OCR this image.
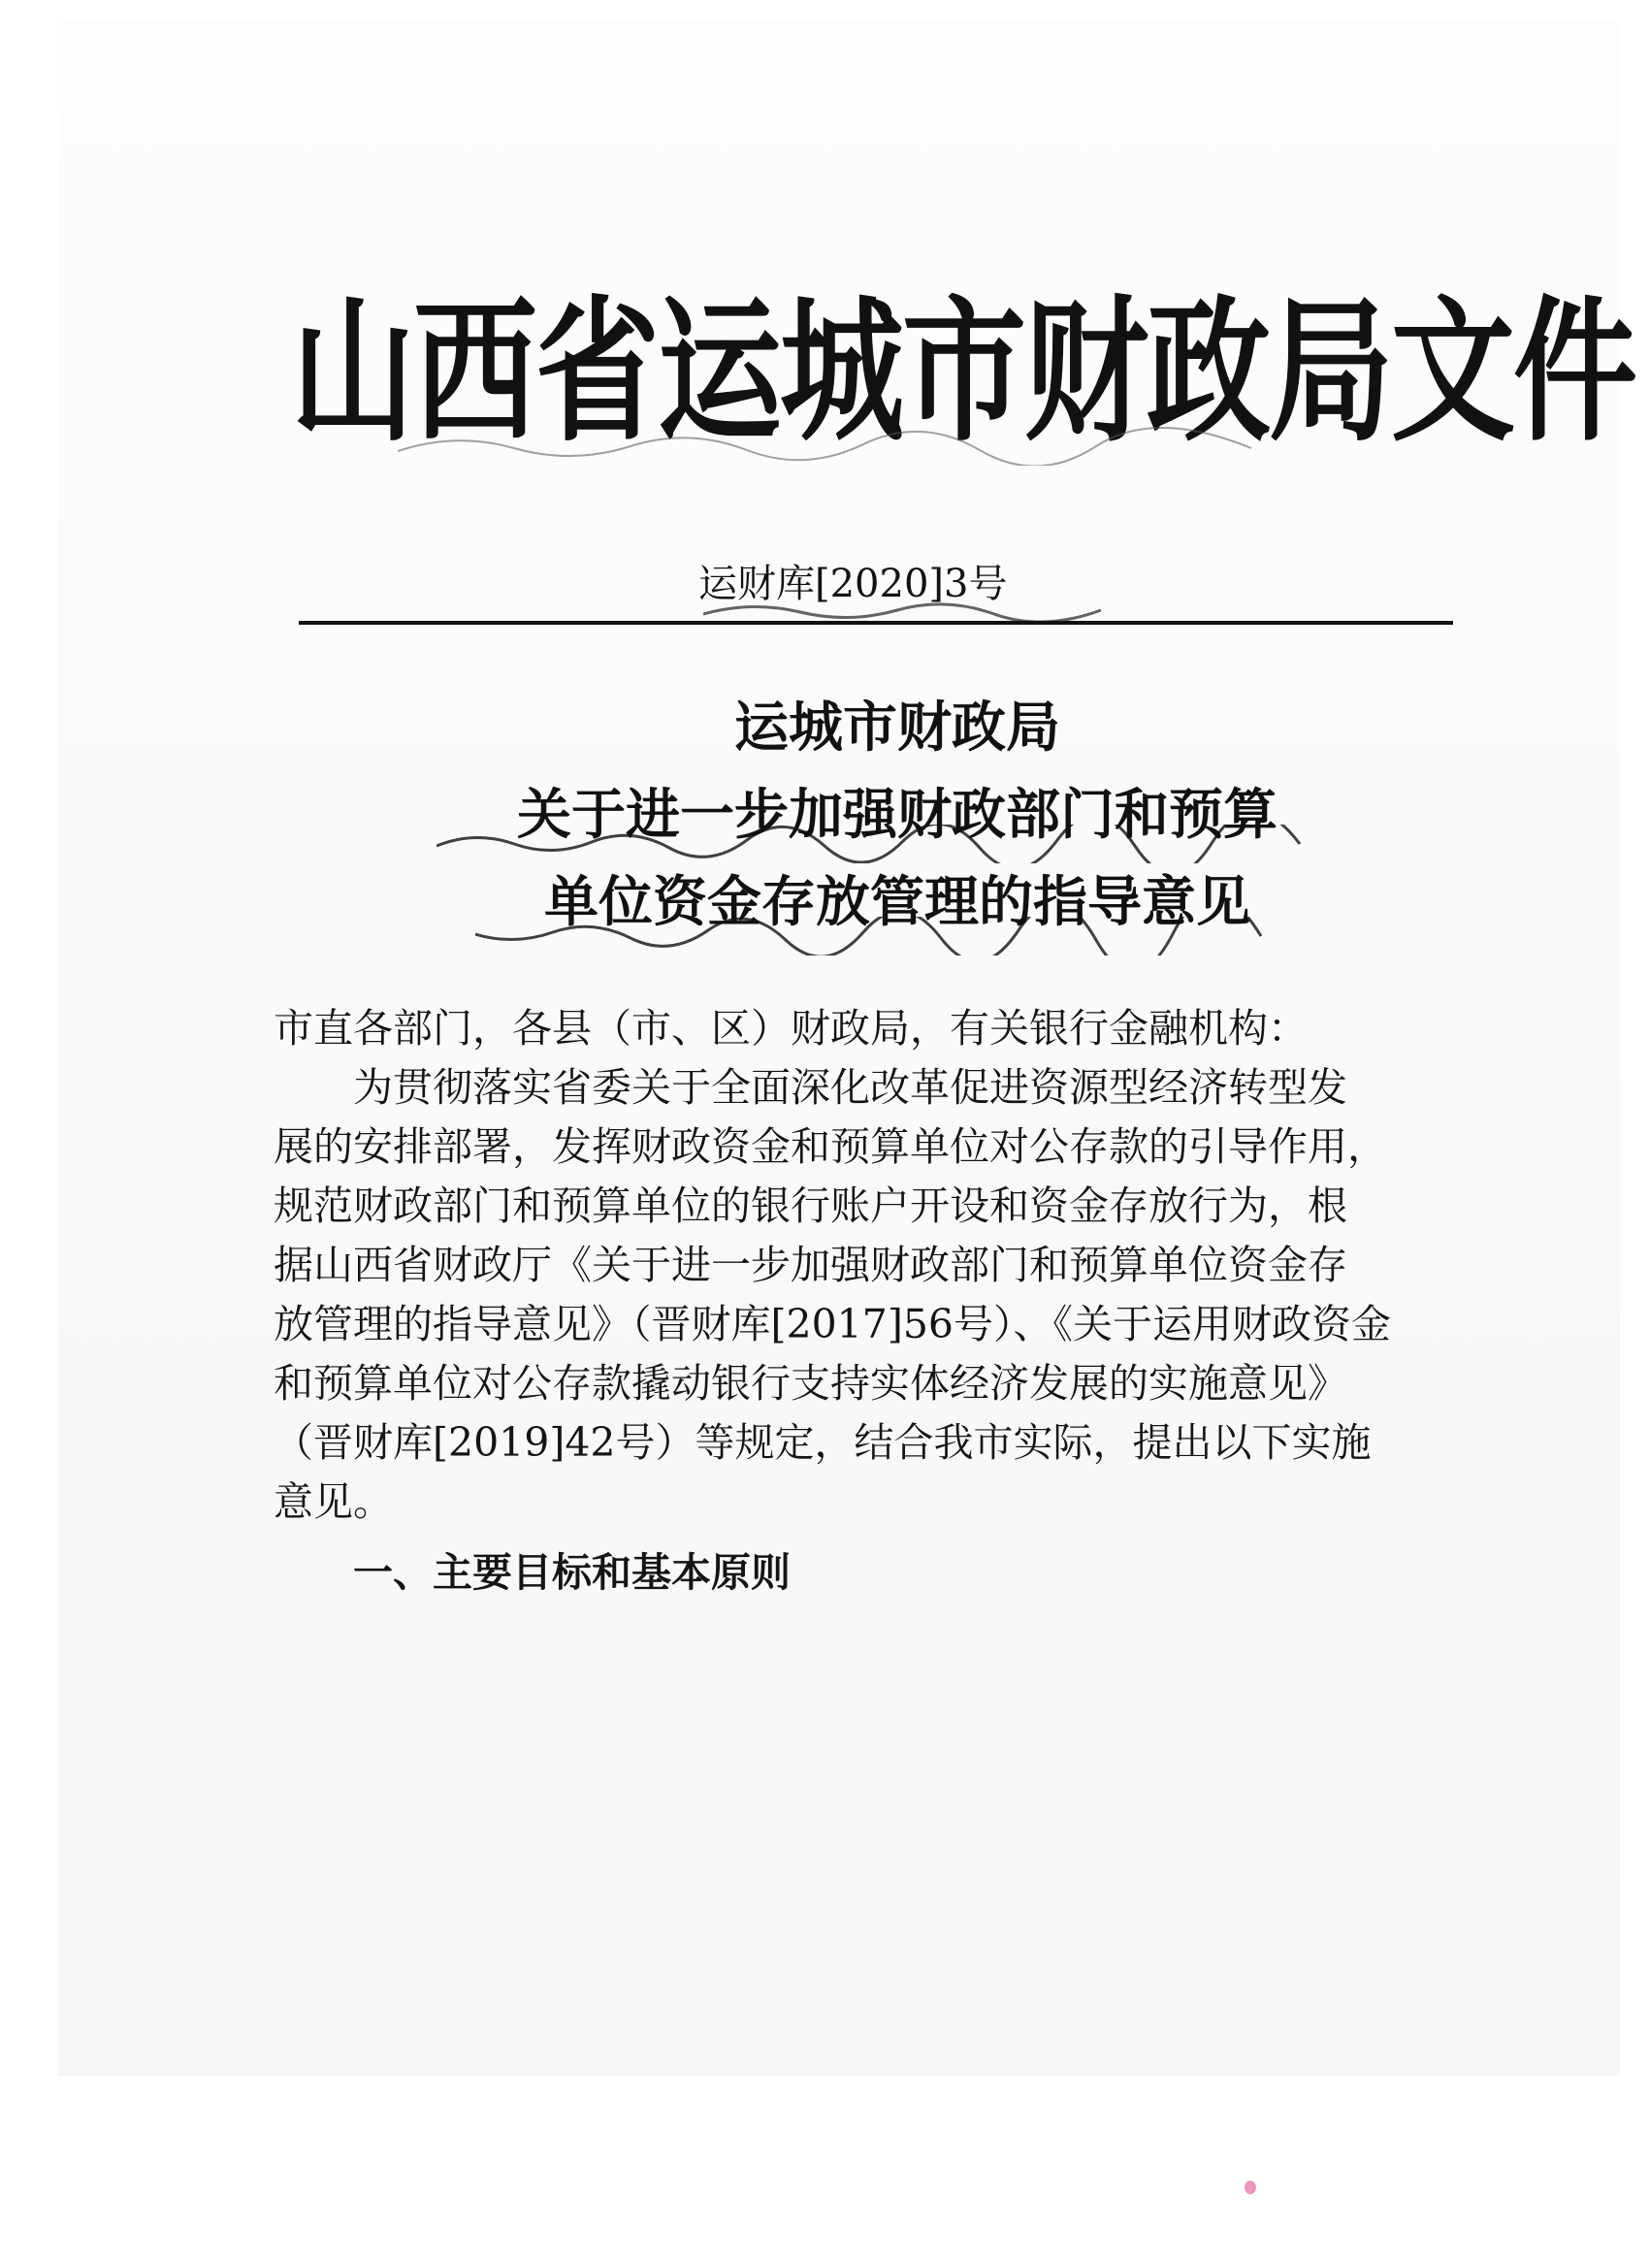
山西省运城市财政局文件
运财库[2020]3号
运城市财政局
关于进一步加强财政部门和预算
单位资金存放管理的指导意见
市直各部门，各县（市、区）财政局，有关银行金融机构：
为贯彻落实省委关于全面深化改革促进资源型经济转型发
展的安排部署，发挥财政资金和预算单位对公存款的引导作用，
规范财政部门和预算单位的银行账户开设和资金存放行为，根
据山西省财政厅《关于进一步加强财政部门和预算单位资金存
放管理的指导意见》（晋财库[2017]56号）、《关于运用财政资金
和预算单位对公存款撬动银行支持实体经济发展的实施意见》
（晋财库[2019]42号）等规定，结合我市实际，提出以下实施
意见。
一、主要目标和基本原则
